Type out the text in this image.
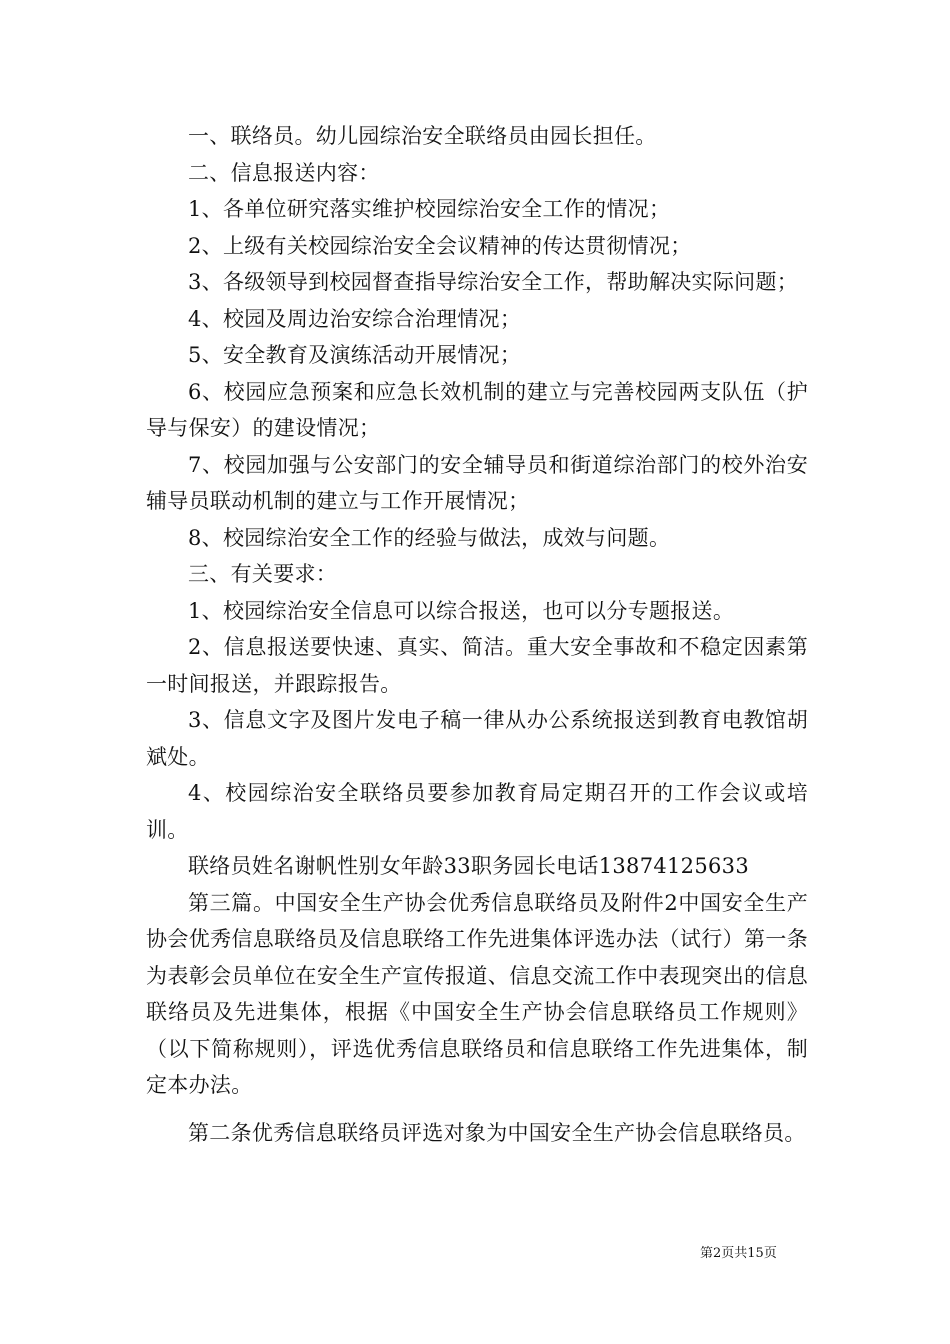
一、联络员。幼儿园综治安全联络员由园长担任。

二、信息报送内容：

1、各单位研究落实维护校园综治安全工作的情况；

2、上级有关校园综治安全会议精神的传达贯彻情况；

3、各级领导到校园督查指导综治安全工作，帮助解决实际问题；

4、校园及周边治安综合治理情况；

5、安全教育及演练活动开展情况；

6、校园应急预案和应急长效机制的建立与完善校园两支队伍（护导与保安）的建设情况；

7、校园加强与公安部门的安全辅导员和街道综治部门的校外治安辅导员联动机制的建立与工作开展情况；

8、校园综治安全工作的经验与做法，成效与问题。

三、有关要求：

1、校园综治安全信息可以综合报送，也可以分专题报送。

2、信息报送要快速、真实、简洁。重大安全事故和不稳定因素第一时间报送，并跟踪报告。

3、信息文字及图片发电子稿一律从办公系统报送到教育电教馆胡斌处。

4、校园综治安全联络员要参加教育局定期召开的工作会议或培训。

联络员姓名谢帆性别女年龄33职务园长电话13874125633

第三篇。中国安全生产协会优秀信息联络员及附件2中国安全生产协会优秀信息联络员及信息联络工作先进集体评选办法（试行）第一条为表彰会员单位在安全生产宣传报道、信息交流工作中表现突出的信息联络员及先进集体，根据《中国安全生产协会信息联络员工作规则》（以下简称规则），评选优秀信息联络员和信息联络工作先进集体，制定本办法。

第二条优秀信息联络员评选对象为中国安全生产协会信息联络员。

第2页共15页
